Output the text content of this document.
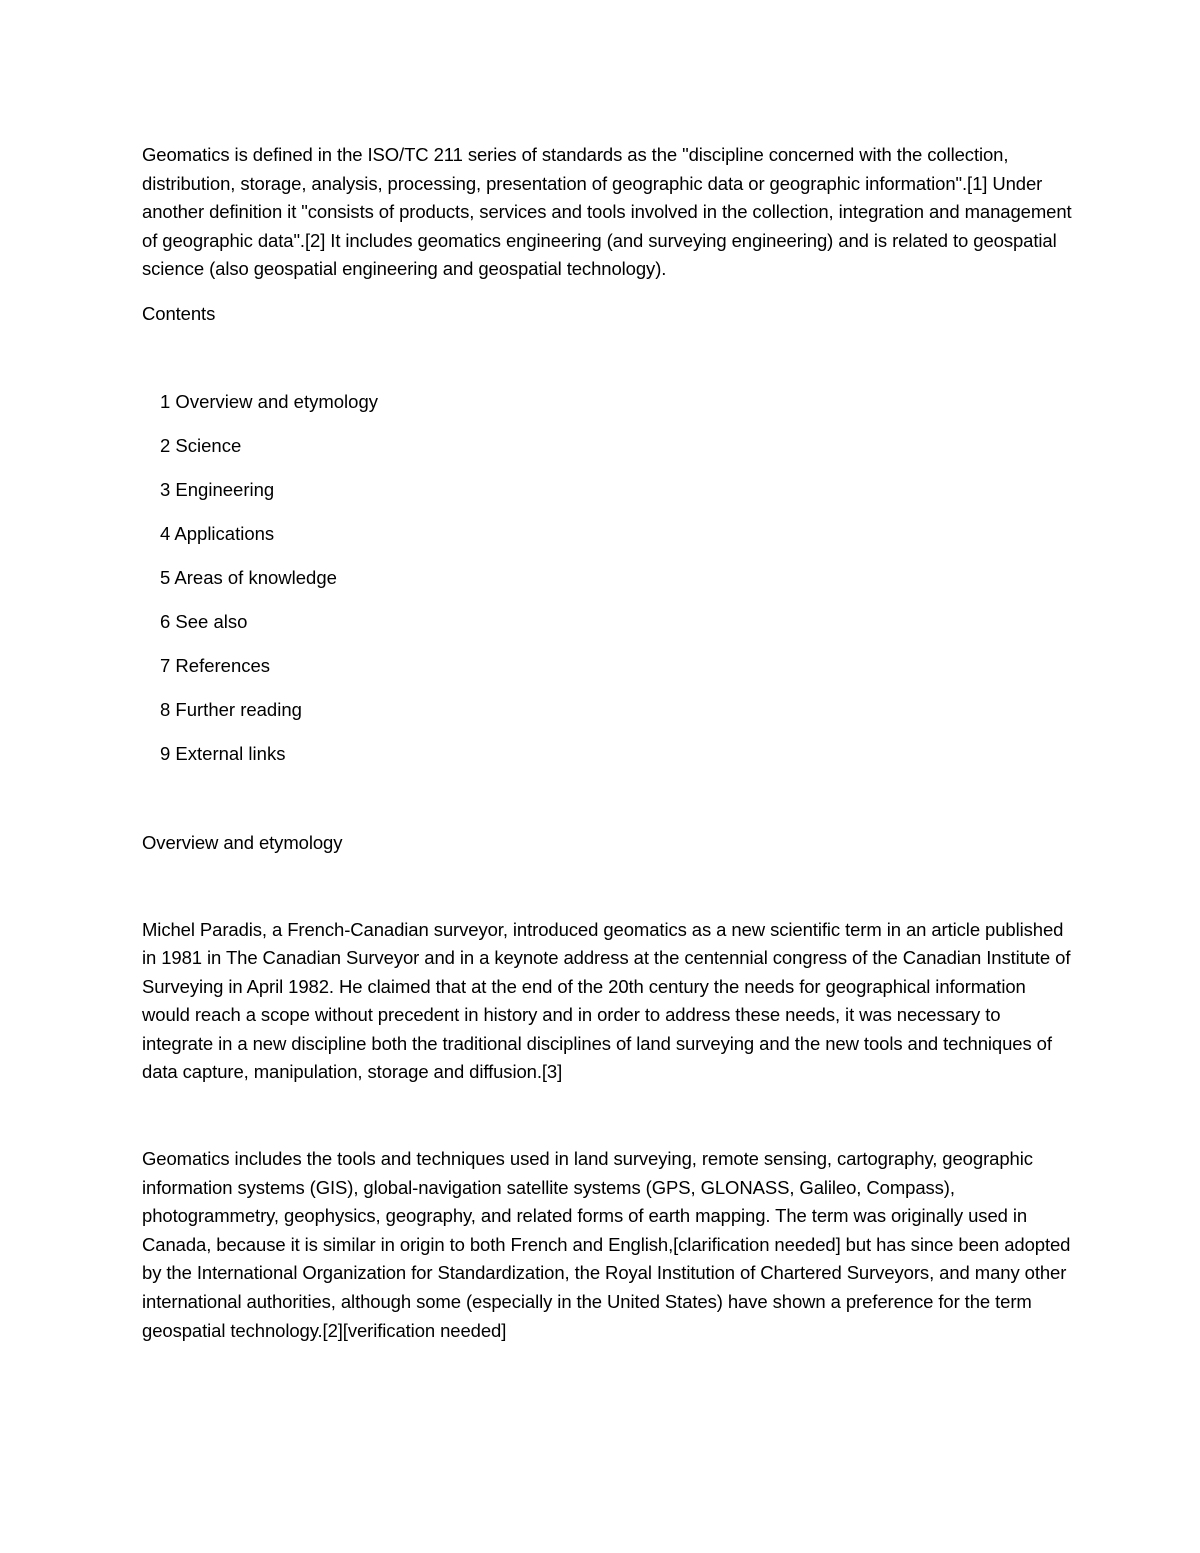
Geomatics is defined in the ISO/TC 211 series of standards as the "discipline concerned with the collection, distribution, storage, analysis, processing, presentation of geographic data or geographic information".[1] Under another definition it "consists of products, services and tools involved in the collection, integration and management of geographic data".[2] It includes geomatics engineering (and surveying engineering) and is related to geospatial science (also geospatial engineering and geospatial technology).

Contents

1 Overview and etymology
2 Science
3 Engineering
4 Applications
5 Areas of knowledge
6 See also
7 References
8 Further reading
9 External links

Overview and etymology

Michel Paradis, a French-Canadian surveyor, introduced geomatics as a new scientific term in an article published in 1981 in The Canadian Surveyor and in a keynote address at the centennial congress of the Canadian Institute of Surveying in April 1982. He claimed that at the end of the 20th century the needs for geographical information would reach a scope without precedent in history and in order to address these needs, it was necessary to integrate in a new discipline both the traditional disciplines of land surveying and the new tools and techniques of data capture, manipulation, storage and diffusion.[3]

Geomatics includes the tools and techniques used in land surveying, remote sensing, cartography, geographic information systems (GIS), global-navigation satellite systems (GPS, GLONASS, Galileo, Compass), photogrammetry, geophysics, geography, and related forms of earth mapping. The term was originally used in Canada, because it is similar in origin to both French and English,[clarification needed] but has since been adopted by the International Organization for Standardization, the Royal Institution of Chartered Surveyors, and many other international authorities, although some (especially in the United States) have shown a preference for the term geospatial technology.[2][verification needed]
